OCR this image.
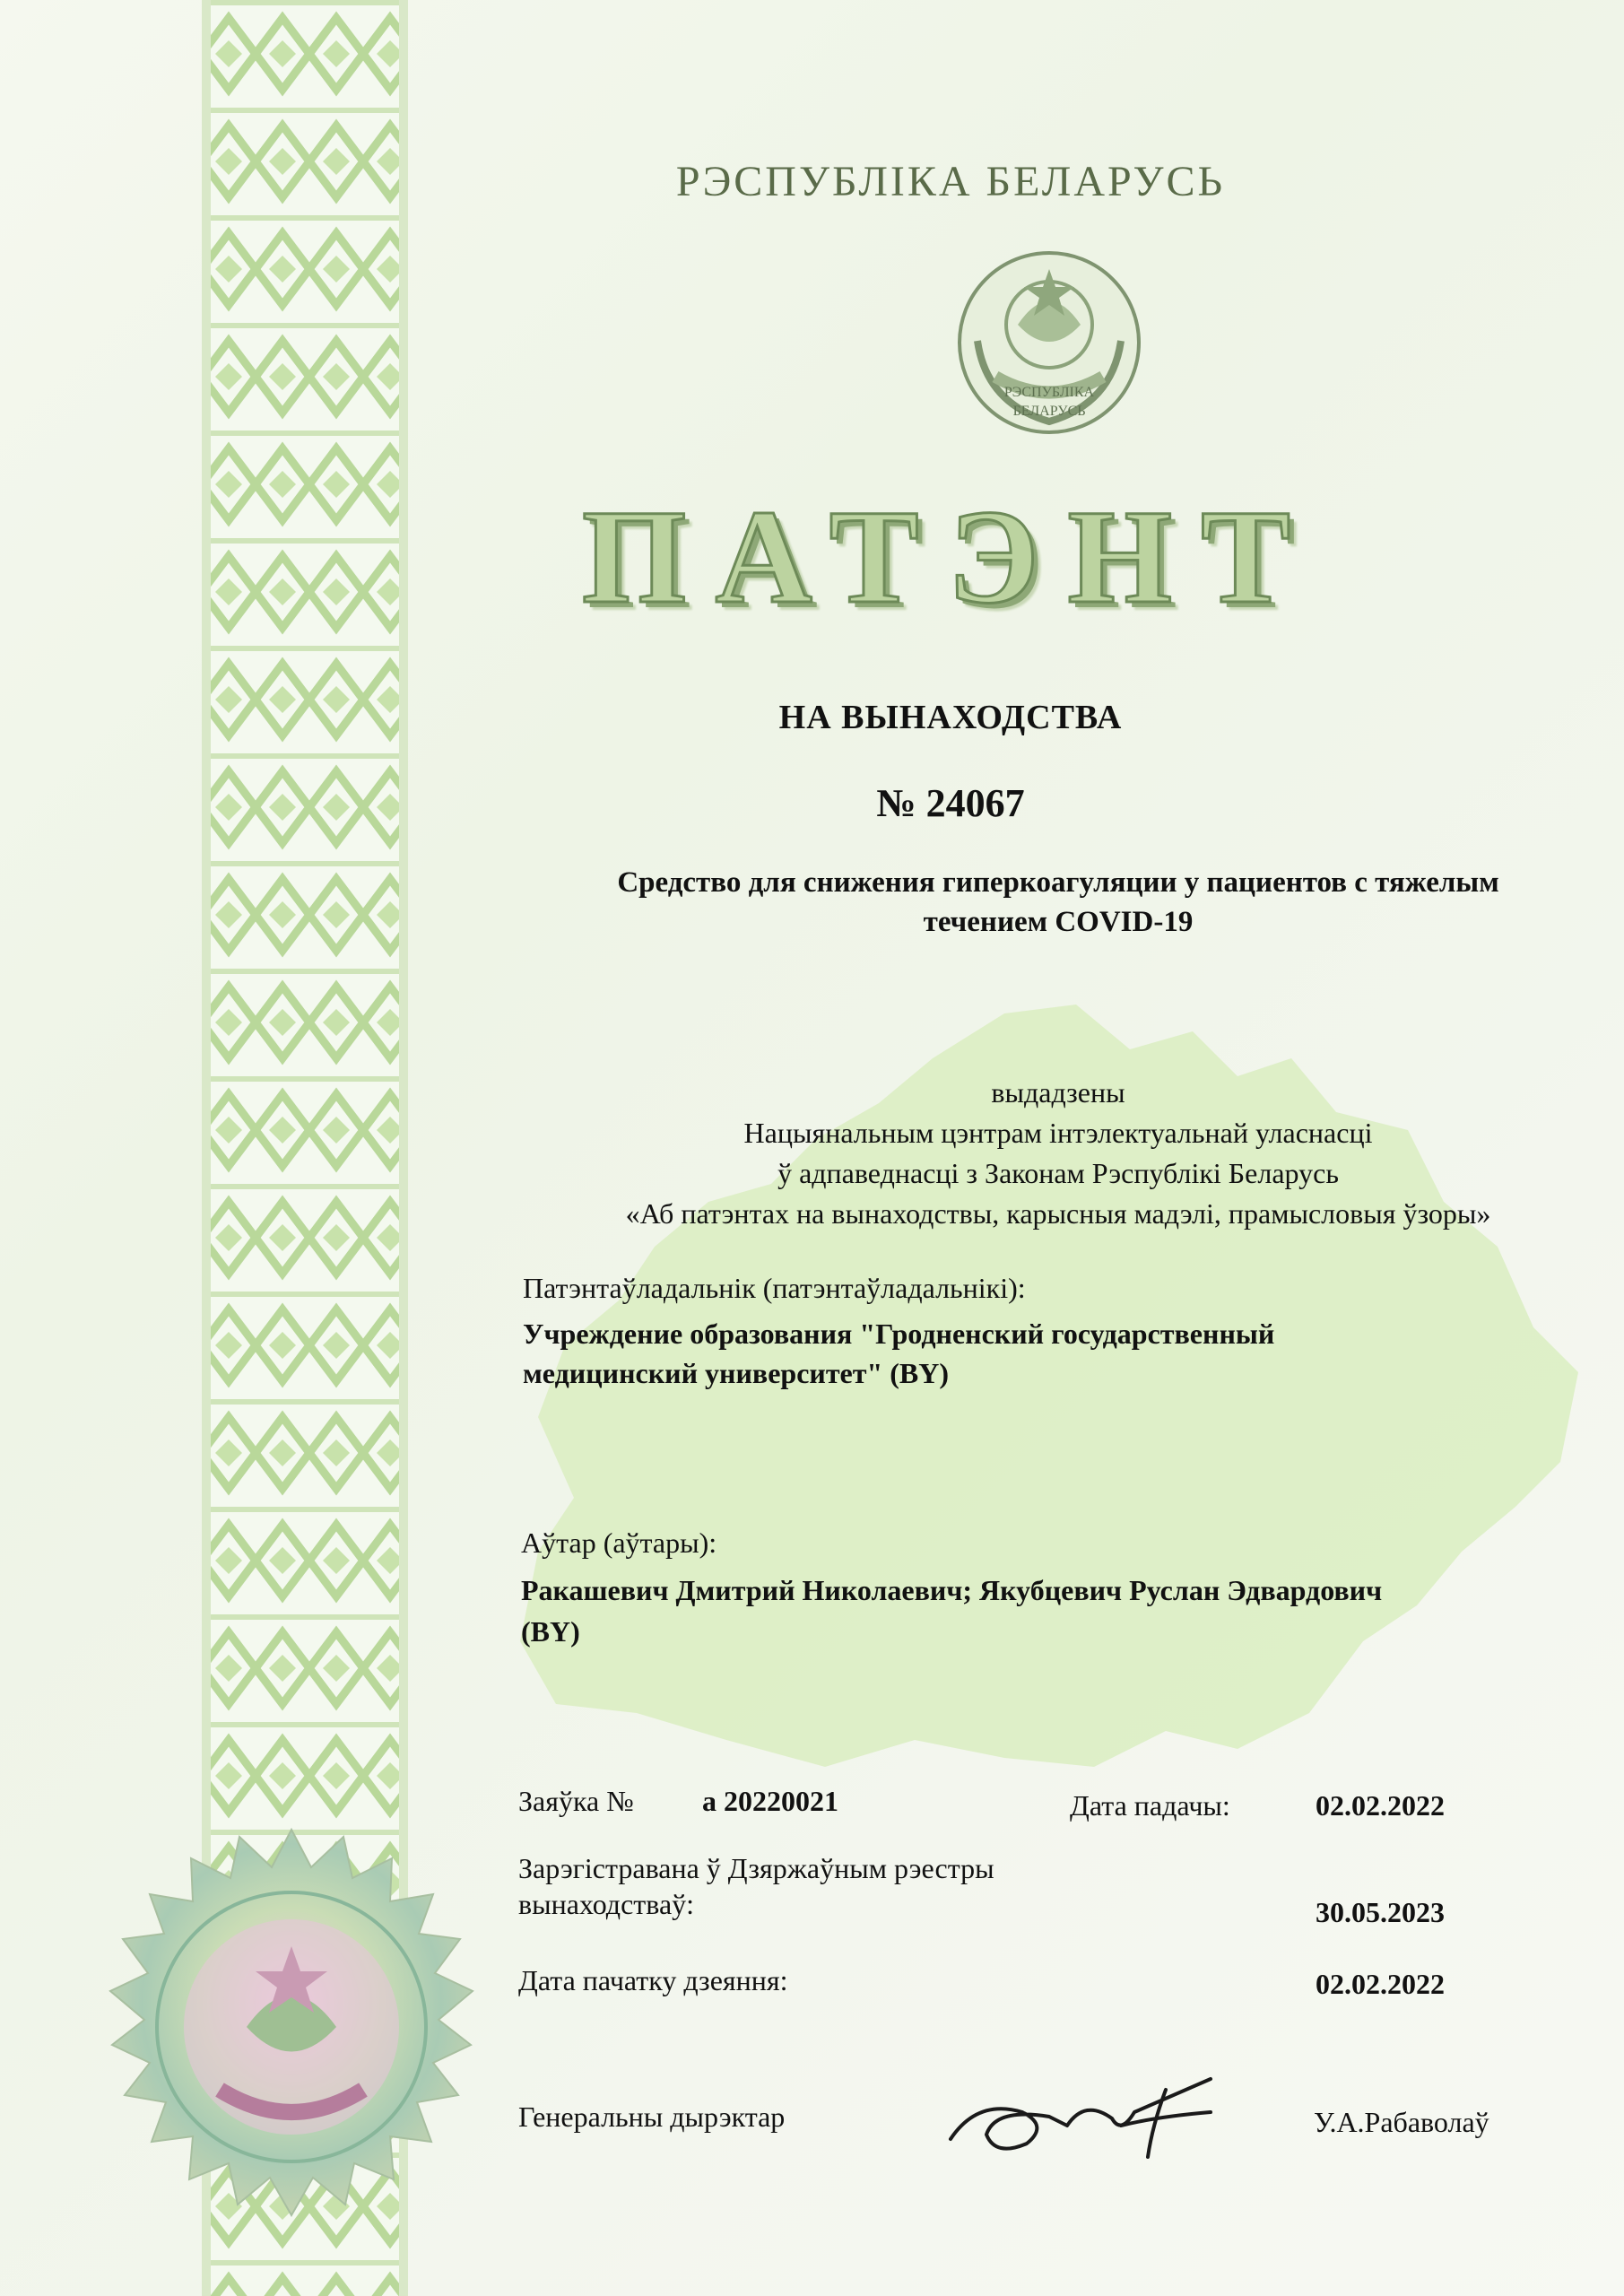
РЭСПУБЛІКА
БЕЛАРУСЬ
РЭСПУБЛІКА БЕЛАРУСЬ
ПАТЭНТ
НА ВЫНАХОДСТВА
№ 24067
Средство для снижения гиперкоагуляции у пациентов с тяжелым
течением COVID-19
выдадзены
Нацыянальным цэнтрам інтэлектуальнай уласнасці
ў адпаведнасці з Законам Рэспублікі Беларусь
«Аб патэнтах на вынаходствы, карысныя мадэлі, прамысловыя ўзоры»
Патэнтаўладальнік (патэнтаўладальнікі):
Учреждение образования "Гродненский государственный
медицинский университет" (BY)
Аўтар (аўтары):
Ракашевич Дмитрий Николаевич; Якубцевич Руслан Эдвардович
(BY)
Заяўка № а 20220021	Дата падачы:	02.02.2022
Зарэгістравана ў Дзяржаўным рэестры
вынаходстваў:	30.05.2023
Дата пачатку дзеяння:	02.02.2022
Генеральны дырэктар	У.А.Рабаволаў
